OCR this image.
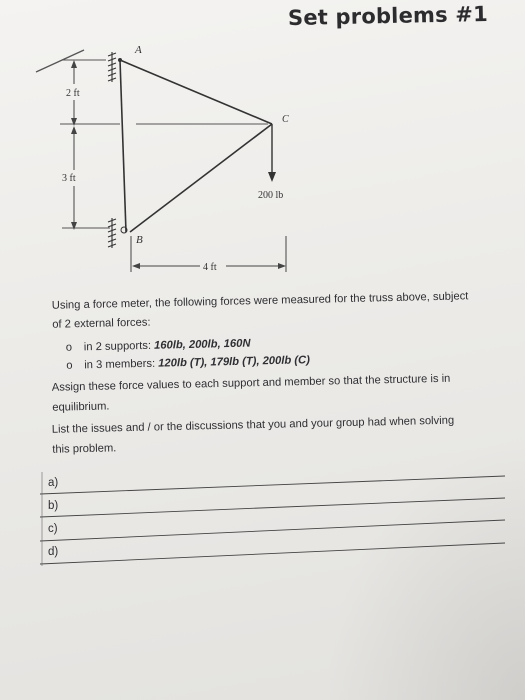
Set problems #1
A
B
C
2 ft
3 ft
4 ft
200 lb
Using a force meter, the following forces were measured for the truss above, subject of 2 external forces:
o in 2 supports: 160lb, 200lb, 160N
o in 3 members: 120lb (T), 179lb (T), 200lb (C)
Assign these force values to each support and member so that the structure is in equilibrium.
List the issues and / or the discussions that you and your group had when solving this problem.
a)
b)
c)
d)
